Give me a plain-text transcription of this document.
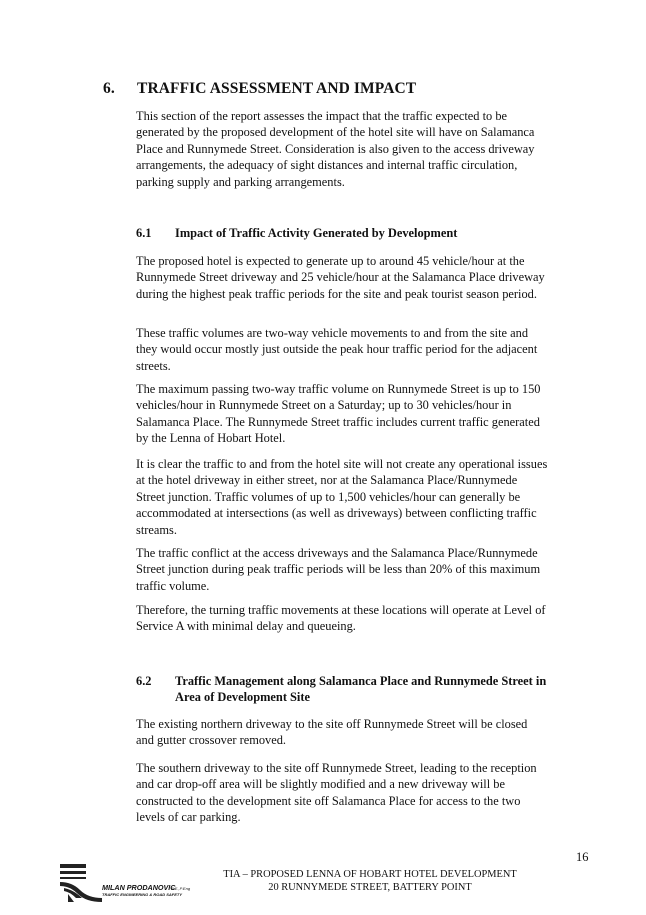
6. TRAFFIC ASSESSMENT AND IMPACT

This section of the report assesses the impact that the traffic expected to be generated by the proposed development of the hotel site will have on Salamanca Place and Runnymede Street. Consideration is also given to the access driveway arrangements, the adequacy of sight distances and internal traffic circulation, parking supply and parking arrangements.

6.1 Impact of Traffic Activity Generated by Development

The proposed hotel is expected to generate up to around 45 vehicle/hour at the Runnymede Street driveway and 25 vehicle/hour at the Salamanca Place driveway during the highest peak traffic periods for the site and peak tourist season period.

These traffic volumes are two-way vehicle movements to and from the site and they would occur mostly just outside the peak hour traffic period for the adjacent streets.

The maximum passing two-way traffic volume on Runnymede Street is up to 150 vehicles/hour in Runnymede Street on a Saturday; up to 30 vehicles/hour in Salamanca Place. The Runnymede Street traffic includes current traffic generated by the Lenna of Hobart Hotel.

It is clear the traffic to and from the hotel site will not create any operational issues at the hotel driveway in either street, nor at the Salamanca Place/Runnymede Street junction. Traffic volumes of up to 1,500 vehicles/hour can generally be accommodated at intersections (as well as driveways) between conflicting traffic streams.

The traffic conflict at the access driveways and the Salamanca Place/Runnymede Street junction during peak traffic periods will be less than 20% of this maximum traffic volume.

Therefore, the turning traffic movements at these locations will operate at Level of Service A with minimal delay and queueing.

6.2 Traffic Management along Salamanca Place and Runnymede Street in Area of Development Site

The existing northern driveway to the site off Runnymede Street will be closed and gutter crossover removed.

The southern driveway to the site off Runnymede Street, leading to the reception and car drop-off area will be slightly modified and a new driveway will be constructed to the development site off Salamanca Place for access to the two levels of car parking.

16
MILAN PRODANOVIC
B.E.,P.Eng
TRAFFIC ENGINEERING & ROAD SAFETY
TIA – PROPOSED LENNA OF HOBART HOTEL DEVELOPMENT
20 RUNNYMEDE STREET, BATTERY POINT
